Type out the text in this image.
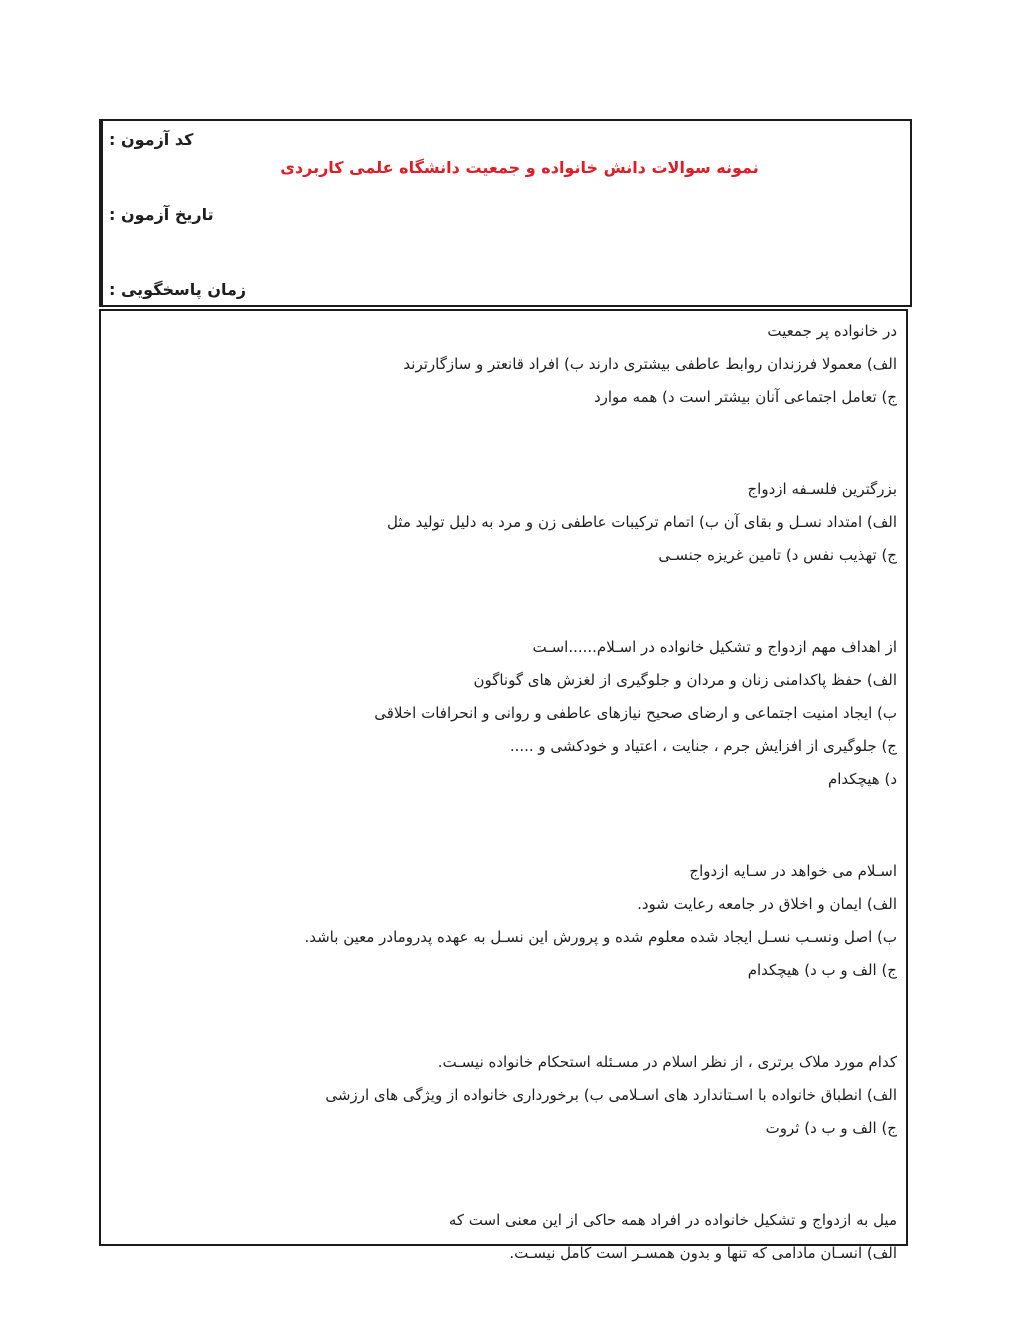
کد آزمون :
تاریخ آزمون :
زمان پاسخگویی :
نمونه سوالات دانش خانواده و جمعیت دانشگاه علمی کاربردی
در خانواده پر جمعیت
الف) معمولا فرزندان روابط عاطفی بیشتری دارند ب) افراد قانعتر و سازگارترند
ج) تعامل اجتماعی آنان بیشتر است د) همه موارد
بزرگترین فلسـفه ازدواج
الف) امتداد نسـل و بقای آن ب) اتمام ترکیبات عاطفی زن و مرد به دلیل تولید مثل
ج) تهذیب نفس د) تامین غریزه جنسـی
از اهداف مهم ازدواج و تشکیل خانواده در اسـلام......اسـت
الف) حفظ پاکدامنی زنان و مردان و جلوگیری از لغزش های گوناگون
ب) ایجاد امنیت اجتماعی و ارضای صحیح نیازهای عاطفی و روانی و انحرافات اخلاقی
ج) جلوگیری از افزایش جرم ، جنایت ، اعتیاد و خودکشی و .....
د) هیچکدام
اسـلام می خواهد در سـایه ازدواج
الف) ایمان و اخلاق در جامعه رعایت شود.
ب) اصل ونسـب نسـل ایجاد شده معلوم شده و پرورش این نسـل به عهده پدرومادر معین باشد.
ج) الف و ب د) هیچکدام
کدام مورد ملاک برتری ، از نظر اسلام در مسـئله استحکام خانواده نیسـت.
الف) انطباق خانواده با اسـتاندارد های اسـلامی ب) برخورداری خانواده از ویژگی های ارزشی
ج) الف و ب د) ثروت
میل به ازدواج و تشکیل خانواده در افراد همه حاکی از این معنی است که
الف) انسـان مادامی که تنها و بدون همسـر است کامل نیسـت.
